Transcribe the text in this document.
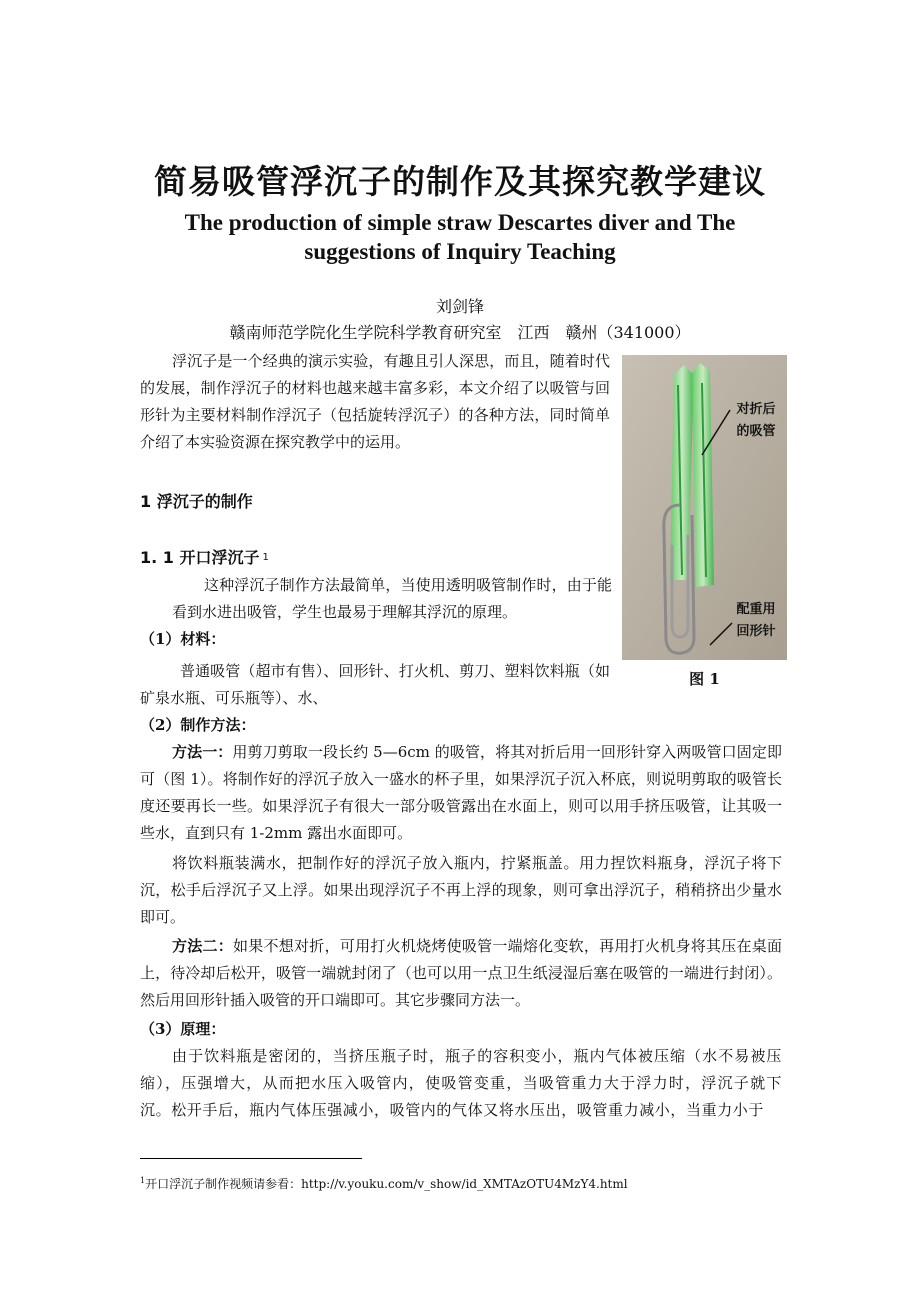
简易吸管浮沉子的制作及其探究教学建议
The production of simple straw Descartes diver and The suggestions of Inquiry Teaching
刘剑锋
赣南师范学院化生学院科学教育研究室　江西　赣州（341000）
浮沉子是一个经典的演示实验，有趣且引人深思，而且，随着时代的发展，制作浮沉子的材料也越来越丰富多彩，本文介绍了以吸管与回形针为主要材料制作浮沉子（包括旋转浮沉子）的各种方法，同时简单介绍了本实验资源在探究教学中的运用。
1 浮沉子的制作
1. 1 开口浮沉子 $^1$
这种浮沉子制作方法最简单，当使用透明吸管制作时，由于能看到水进出吸管，学生也最易于理解其浮沉的原理。
（1）材料：
普通吸管（超市有售）、回形针、打火机、剪刀、塑料饮料瓶（如矿泉水瓶、可乐瓶等）、水、
（2）制作方法：
方法一：用剪刀剪取一段长约 5—6cm 的吸管，将其对折后用一回形针穿入两吸管口固定即可（图 1）。将制作好的浮沉子放入一盛水的杯子里，如果浮沉子沉入杯底，则说明剪取的吸管长度还要再长一些。如果浮沉子有很大一部分吸管露出在水面上，则可以用手挤压吸管，让其吸一些水，直到只有 1-2mm 露出水面即可。
将饮料瓶装满水，把制作好的浮沉子放入瓶内，拧紧瓶盖。用力捏饮料瓶身，浮沉子将下沉，松手后浮沉子又上浮。如果出现浮沉子不再上浮的现象，则可拿出浮沉子，稍稍挤出少量水即可。
方法二：如果不想对折，可用打火机烧烤使吸管一端熔化变软，再用打火机身将其压在桌面上，待冷却后松开，吸管一端就封闭了（也可以用一点卫生纸浸湿后塞在吸管的一端进行封闭）。然后用回形针插入吸管的开口端即可。其它步骤同方法一。
（3）原理：
由于饮料瓶是密闭的，当挤压瓶子时，瓶子的容积变小，瓶内气体被压缩（水不易被压缩），压强增大，从而把水压入吸管内，使吸管变重，当吸管重力大于浮力时，浮沉子就下沉。松开手后，瓶内气体压强减小，吸管内的气体又将水压出，吸管重力减小，当重力小于
对折后
的吸管
配重用
回形针
图 1
$^1$开口浮沉子制作视频请参看：http://v.youku.com/v_show/id_XMTAzOTU4MzY4.html
